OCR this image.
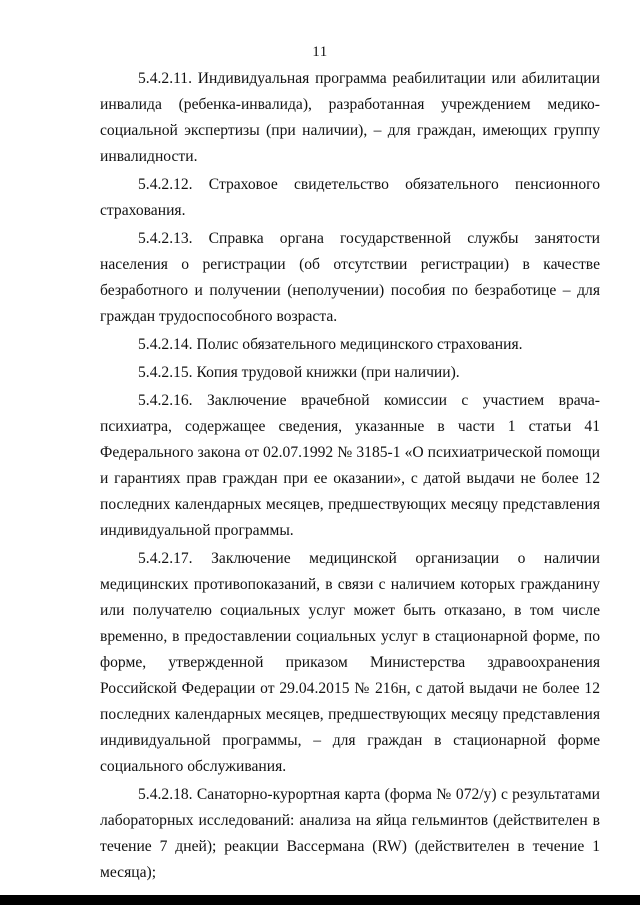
11

5.4.2.11. Индивидуальная программа реабилитации или абилитации инвалида (ребенка-инвалида), разработанная учреждением медико-социальной экспертизы (при наличии), – для граждан, имеющих группу инвалидности.

5.4.2.12. Страховое свидетельство обязательного пенсионного страхования.

5.4.2.13. Справка органа государственной службы занятости населения о регистрации (об отсутствии регистрации) в качестве безработного и получении (неполучении) пособия по безработице – для граждан трудоспособного возраста.

5.4.2.14. Полис обязательного медицинского страхования.

5.4.2.15. Копия трудовой книжки (при наличии).

5.4.2.16. Заключение врачебной комиссии с участием врача-психиатра, содержащее сведения, указанные в части 1 статьи 41 Федерального закона от 02.07.1992 № 3185-1 «О психиатрической помощи и гарантиях прав граждан при ее оказании», с датой выдачи не более 12 последних календарных месяцев, предшествующих месяцу представления индивидуальной программы.

5.4.2.17. Заключение медицинской организации о наличии медицинских противопоказаний, в связи с наличием которых гражданину или получателю социальных услуг может быть отказано, в том числе временно, в предоставлении социальных услуг в стационарной форме, по форме, утвержденной приказом Министерства здравоохранения Российской Федерации от 29.04.2015 № 216н, с датой выдачи не более 12 последних календарных месяцев, предшествующих месяцу представления индивидуальной программы, – для граждан в стационарной форме социального обслуживания.

5.4.2.18. Санаторно-курортная карта (форма № 072/у) с результатами лабораторных исследований: анализа на яйца гельминтов (действителен в течение 7 дней); реакции Вассермана (RW) (действителен в течение 1 месяца);
